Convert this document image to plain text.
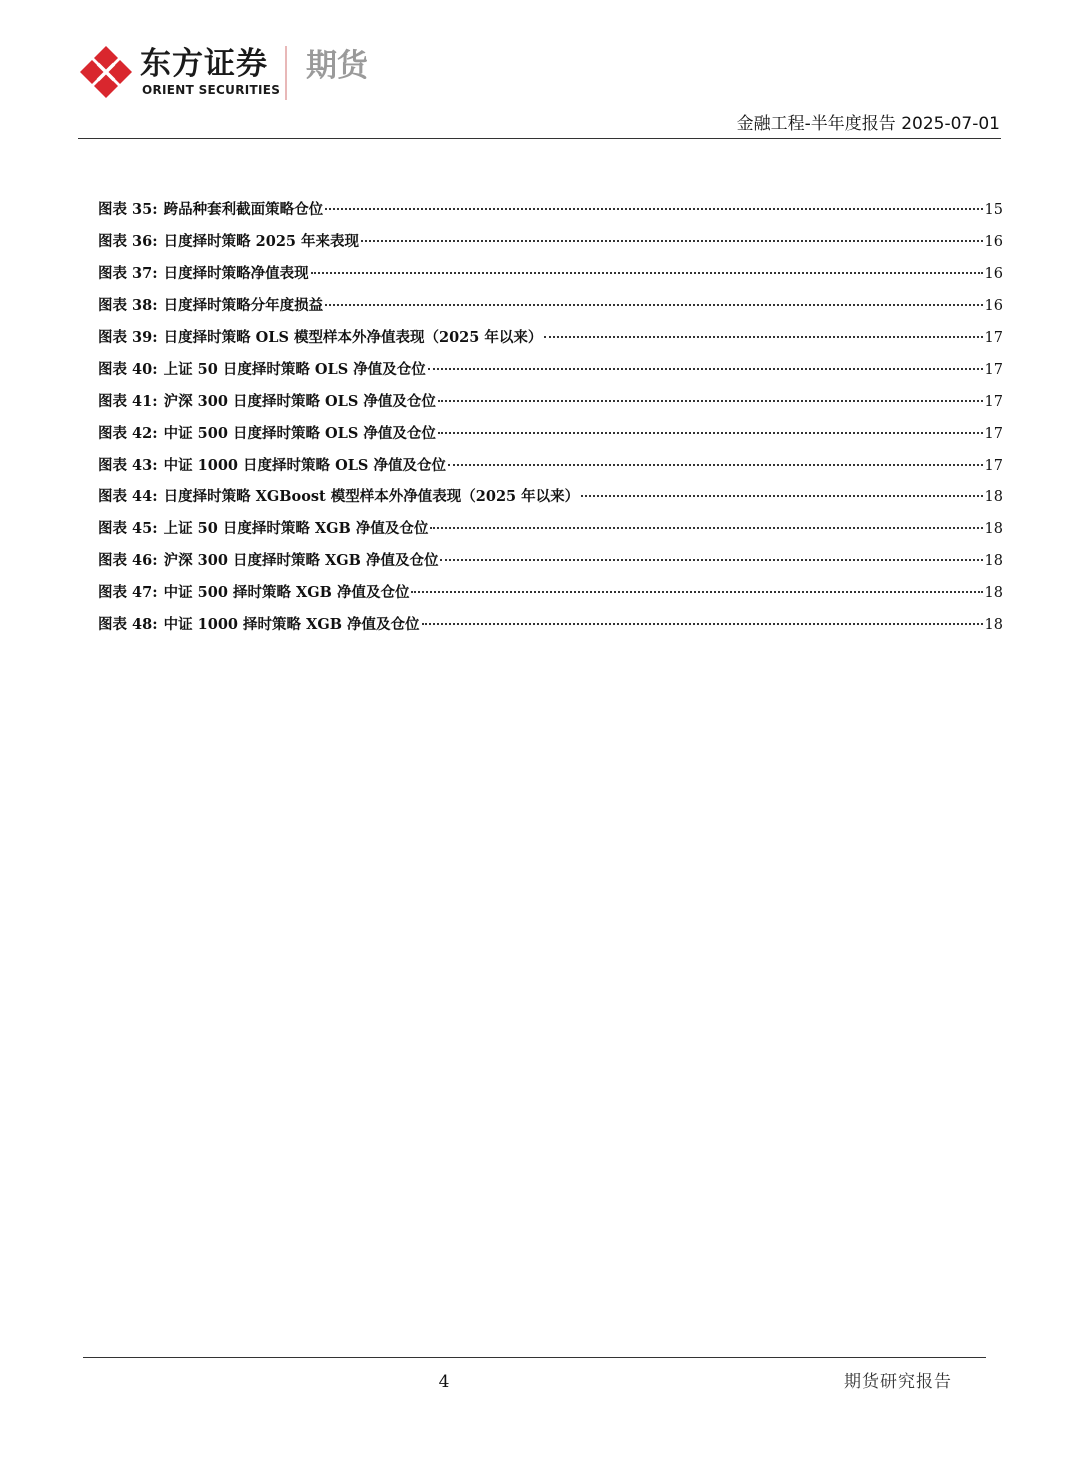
东方证券
ORIENT SECURITIES
期货
金融工程-半年度报告 2025-07-01
图表 35: 跨品种套利截面策略仓位	15
图表 36: 日度择时策略 2025 年来表现	16
图表 37: 日度择时策略净值表现	16
图表 38: 日度择时策略分年度损益	16
图表 39: 日度择时策略 OLS 模型样本外净值表现（2025 年以来）	17
图表 40: 上证 50 日度择时策略 OLS 净值及仓位	17
图表 41: 沪深 300 日度择时策略 OLS 净值及仓位	17
图表 42: 中证 500 日度择时策略 OLS 净值及仓位	17
图表 43: 中证 1000 日度择时策略 OLS 净值及仓位	17
图表 44: 日度择时策略 XGBoost 模型样本外净值表现（2025 年以来）	18
图表 45: 上证 50 日度择时策略 XGB 净值及仓位	18
图表 46: 沪深 300 日度择时策略 XGB 净值及仓位	18
图表 47: 中证 500 择时策略 XGB 净值及仓位	18
图表 48: 中证 1000 择时策略 XGB 净值及仓位	18
4	期货研究报告
